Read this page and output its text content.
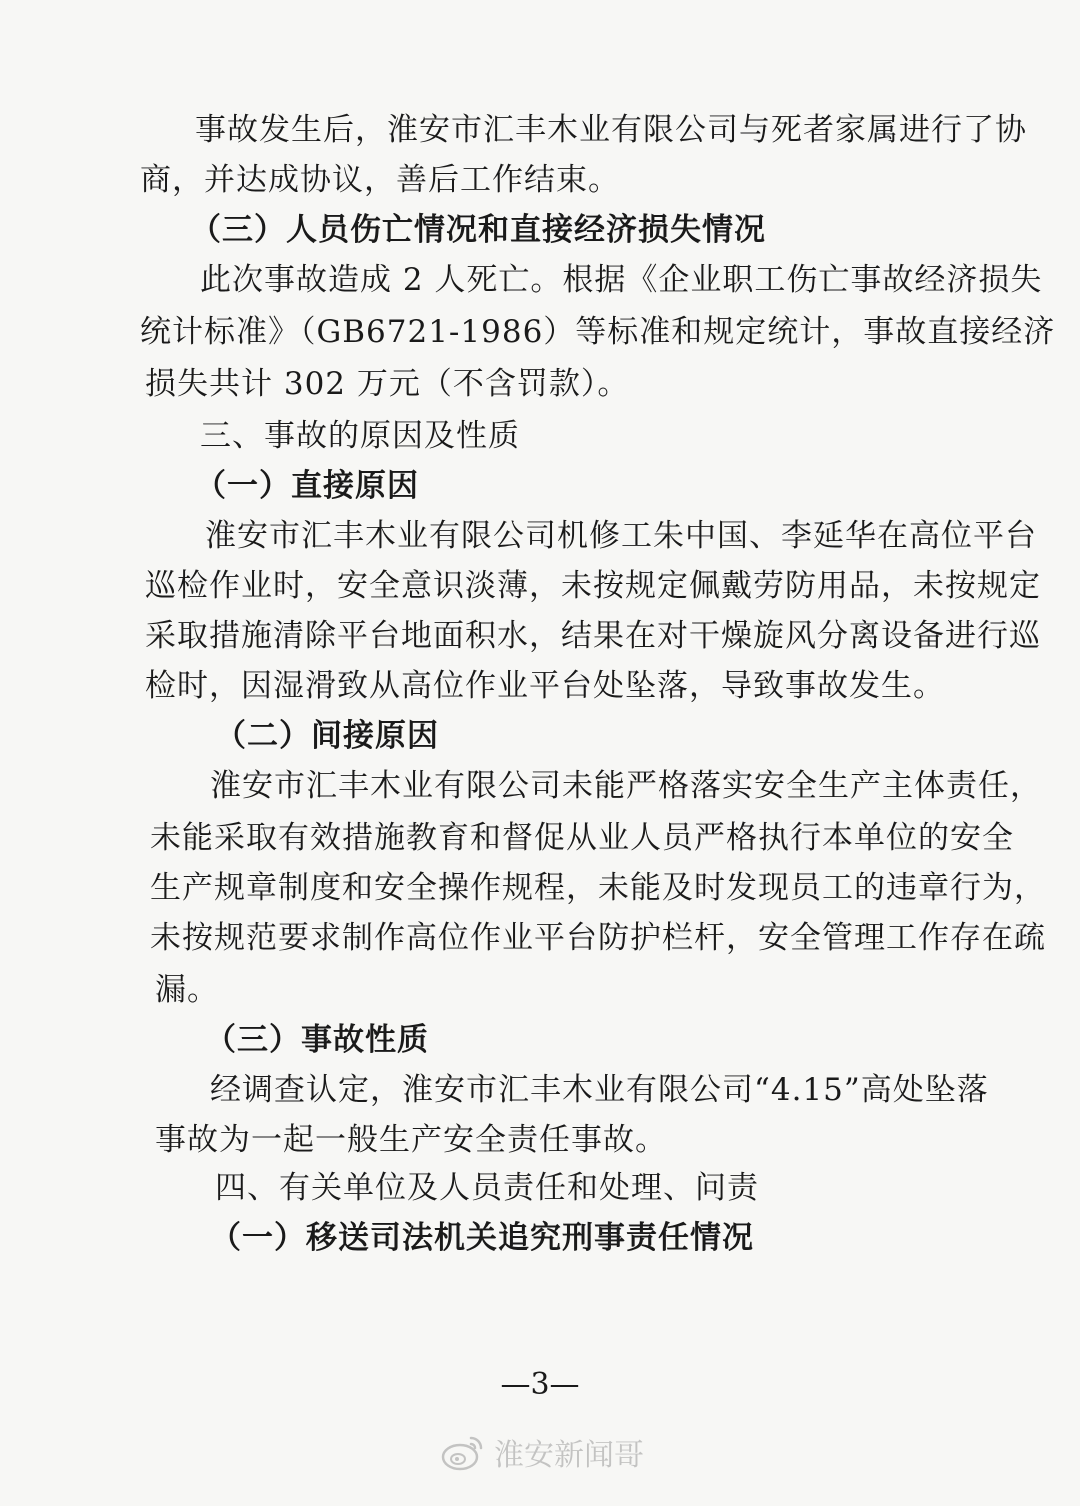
事故发生后，淮安市汇丰木业有限公司与死者家属进行了协
商，并达成协议，善后工作结束。
（三）人员伤亡情况和直接经济损失情况
此次事故造成 2 人死亡。根据《企业职工伤亡事故经济损失
统计标准》（GB6721-1986）等标准和规定统计，事故直接经济
损失共计 302 万元（不含罚款）。
三、事故的原因及性质
（一）直接原因
淮安市汇丰木业有限公司机修工朱中国、李延华在高位平台
巡检作业时，安全意识淡薄，未按规定佩戴劳防用品，未按规定
采取措施清除平台地面积水，结果在对干燥旋风分离设备进行巡
检时，因湿滑致从高位作业平台处坠落，导致事故发生。
（二）间接原因
淮安市汇丰木业有限公司未能严格落实安全生产主体责任，
未能采取有效措施教育和督促从业人员严格执行本单位的安全
生产规章制度和安全操作规程，未能及时发现员工的违章行为，
未按规范要求制作高位作业平台防护栏杆，安全管理工作存在疏
漏。
（三）事故性质
经调查认定，淮安市汇丰木业有限公司“4.15”高处坠落
事故为一起一般生产安全责任事故。
四、有关单位及人员责任和处理、问责
（一）移送司法机关追究刑事责任情况
—3—
淮安新闻哥
